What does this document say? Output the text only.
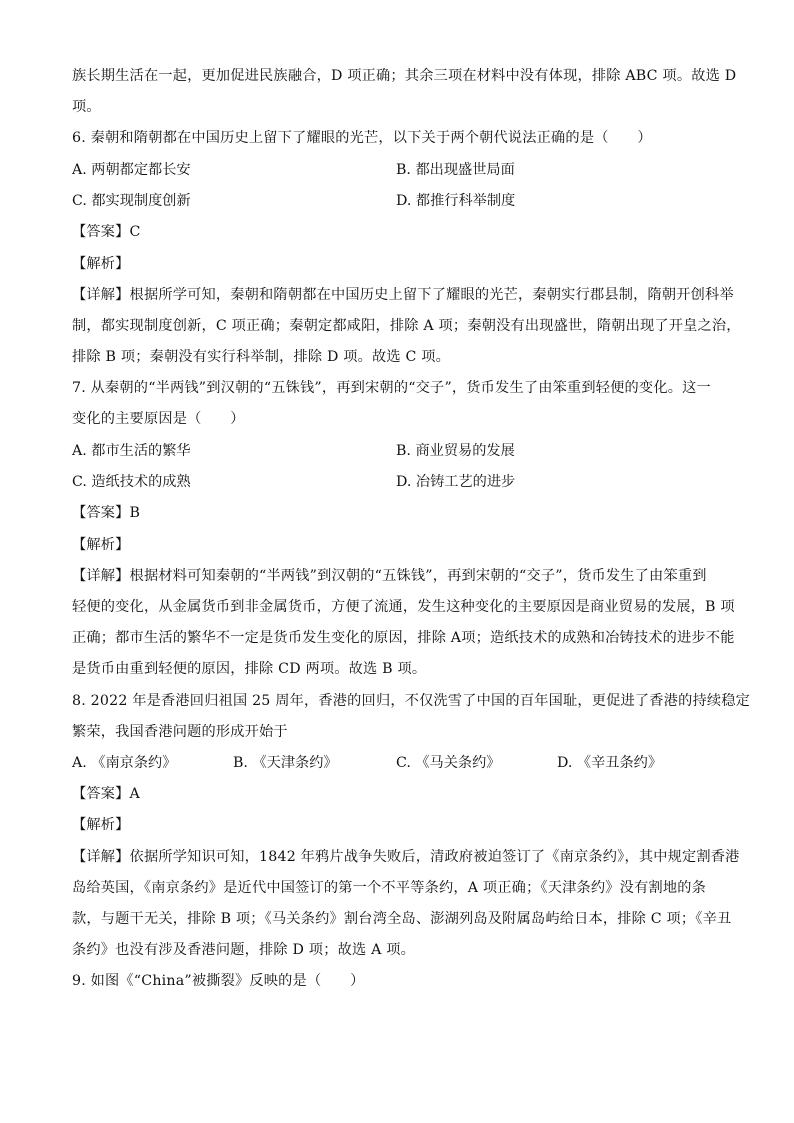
族长期生活在一起，更加促进民族融合，D 项正确；其余三项在材料中没有体现，排除 ABC 项。故选 D
项。
6. 秦朝和隋朝都在中国历史上留下了耀眼的光芒，以下关于两个朝代说法正确的是（　　）
A. 两朝都定都长安	B. 都出现盛世局面
C. 都实现制度创新	D. 都推行科举制度
【答案】C
【解析】
【详解】根据所学可知，秦朝和隋朝都在中国历史上留下了耀眼的光芒，秦朝实行郡县制，隋朝开创科举
制，都实现制度创新，C 项正确；秦朝定都咸阳，排除 A 项；秦朝没有出现盛世，隋朝出现了开皇之治，
排除 B 项；秦朝没有实行科举制，排除 D 项。故选 C 项。
7. 从秦朝的“半两钱”到汉朝的“五铢钱”，再到宋朝的“交子”，货币发生了由笨重到轻便的变化。这一
变化的主要原因是（　　）
A. 都市生活的繁华	B. 商业贸易的发展
C. 造纸技术的成熟	D. 冶铸工艺的进步
【答案】B
【解析】
【详解】根据材料可知秦朝的“半两钱”到汉朝的“五铢钱”，再到宋朝的“交子”，货币发生了由笨重到
轻便的变化，从金属货币到非金属货币，方便了流通，发生这种变化的主要原因是商业贸易的发展，B 项
正确；都市生活的繁华不一定是货币发生变化的原因，排除 A项；造纸技术的成熟和冶铸技术的进步不能
是货币由重到轻便的原因，排除 CD 两项。故选 B 项。
8. 2022 年是香港回归祖国 25 周年，香港的回归，不仅洗雪了中国的百年国耻，更促进了香港的持续稳定
繁荣，我国香港问题的形成开始于
A. 《南京条约》	B. 《天津条约》	C. 《马关条约》	D. 《辛丑条约》
【答案】A
【解析】
【详解】依据所学知识可知，1842 年鸦片战争失败后，清政府被迫签订了《南京条约》，其中规定割香港
岛给英国，《南京条约》是近代中国签订的第一个不平等条约，A 项正确；《天津条约》没有割地的条
款，与题干无关，排除 B 项；《马关条约》割台湾全岛、澎湖列岛及附属岛屿给日本，排除 C 项；《辛丑
条约》也没有涉及香港问题，排除 D 项；故选 A 项。
9. 如图《“China”被撕裂》反映的是（　　）
